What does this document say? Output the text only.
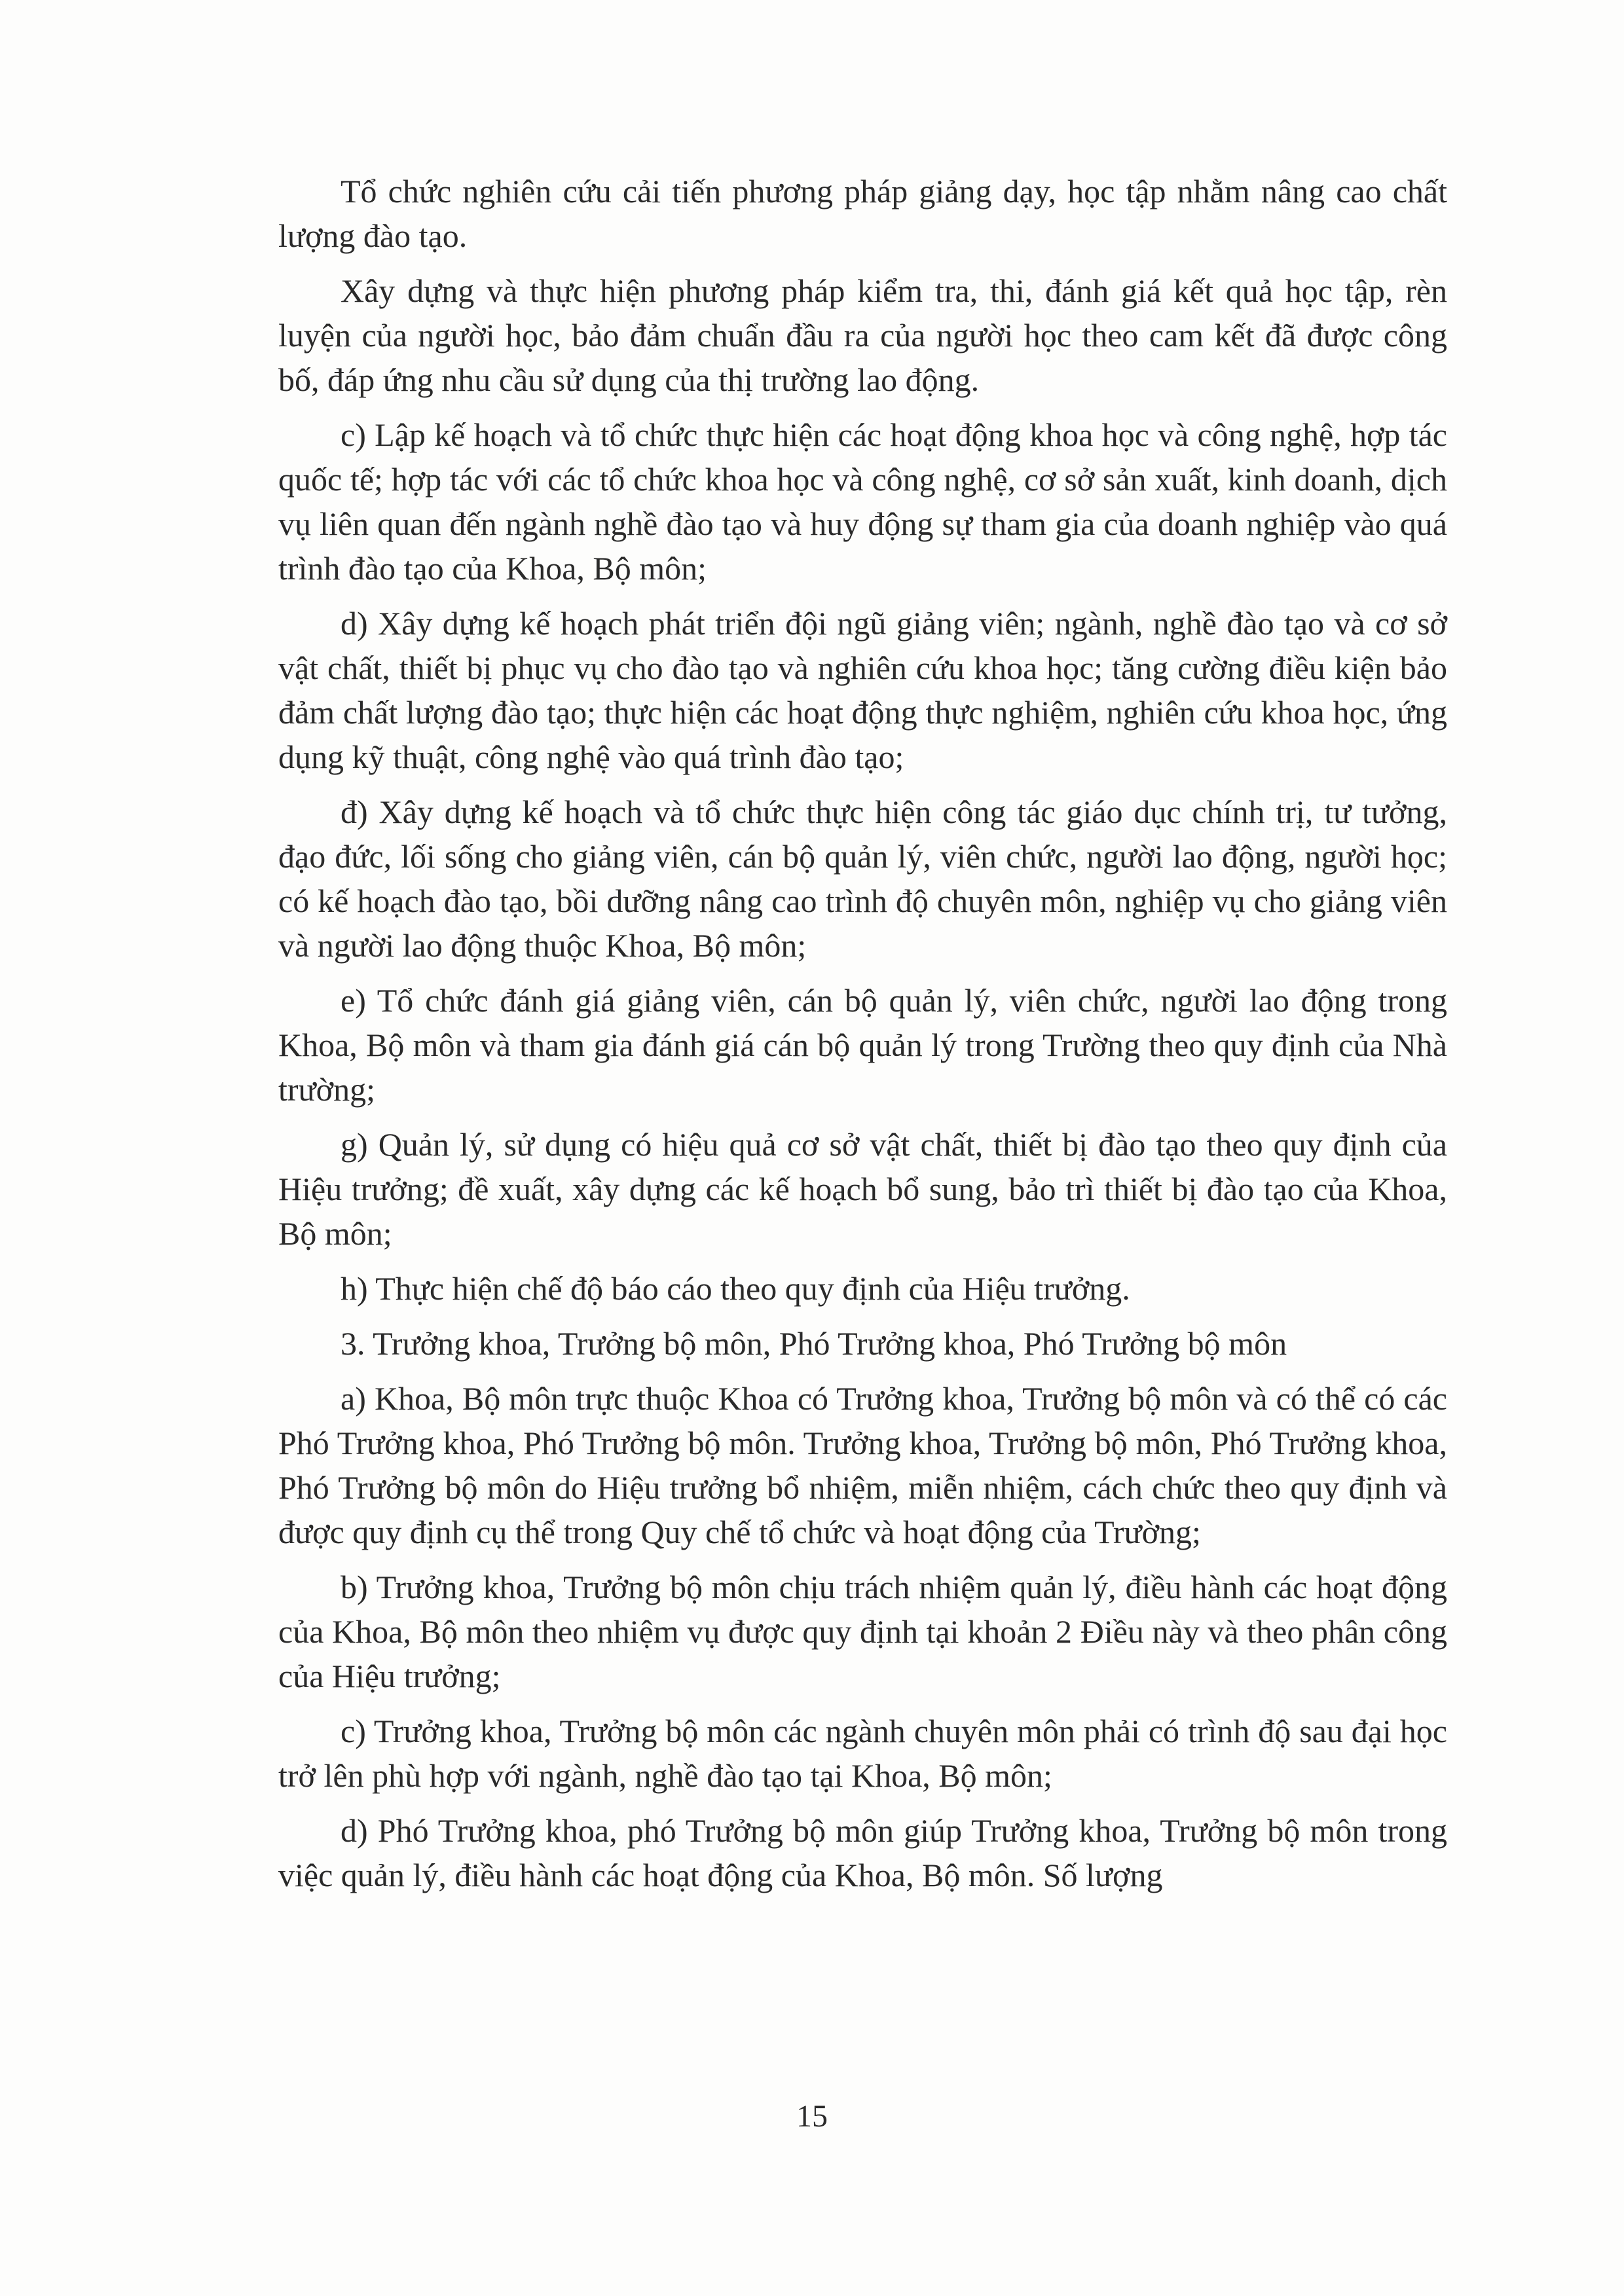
Tổ chức nghiên cứu cải tiến phương pháp giảng dạy, học tập nhằm nâng cao chất lượng đào tạo.

Xây dựng và thực hiện phương pháp kiểm tra, thi, đánh giá kết quả học tập, rèn luyện của người học, bảo đảm chuẩn đầu ra của người học theo cam kết đã được công bố, đáp ứng nhu cầu sử dụng của thị trường lao động.

c) Lập kế hoạch và tổ chức thực hiện các hoạt động khoa học và công nghệ, hợp tác quốc tế; hợp tác với các tổ chức khoa học và công nghệ, cơ sở sản xuất, kinh doanh, dịch vụ liên quan đến ngành nghề đào tạo và huy động sự tham gia của doanh nghiệp vào quá trình đào tạo của Khoa, Bộ môn;

d) Xây dựng kế hoạch phát triển đội ngũ giảng viên; ngành, nghề đào tạo và cơ sở vật chất, thiết bị phục vụ cho đào tạo và nghiên cứu khoa học; tăng cường điều kiện bảo đảm chất lượng đào tạo; thực hiện các hoạt động thực nghiệm, nghiên cứu khoa học, ứng dụng kỹ thuật, công nghệ vào quá trình đào tạo;

đ) Xây dựng kế hoạch và tổ chức thực hiện công tác giáo dục chính trị, tư tưởng, đạo đức, lối sống cho giảng viên, cán bộ quản lý, viên chức, người lao động, người học; có kế hoạch đào tạo, bồi dưỡng nâng cao trình độ chuyên môn, nghiệp vụ cho giảng viên và người lao động thuộc Khoa, Bộ môn;

e) Tổ chức đánh giá giảng viên, cán bộ quản lý, viên chức, người lao động trong Khoa, Bộ môn và tham gia đánh giá cán bộ quản lý trong Trường theo quy định của Nhà trường;

g) Quản lý, sử dụng có hiệu quả cơ sở vật chất, thiết bị đào tạo theo quy định của Hiệu trưởng; đề xuất, xây dựng các kế hoạch bổ sung, bảo trì thiết bị đào tạo của Khoa, Bộ môn;

h) Thực hiện chế độ báo cáo theo quy định của Hiệu trưởng.

3. Trưởng khoa, Trưởng bộ môn, Phó Trưởng khoa, Phó Trưởng bộ môn

a) Khoa, Bộ môn trực thuộc Khoa có Trưởng khoa, Trưởng bộ môn và có thể có các Phó Trưởng khoa, Phó Trưởng bộ môn. Trưởng khoa, Trưởng bộ môn, Phó Trưởng khoa, Phó Trưởng bộ môn do Hiệu trưởng bổ nhiệm, miễn nhiệm, cách chức theo quy định và được quy định cụ thể trong Quy chế tổ chức và hoạt động của Trường;

b) Trưởng khoa, Trưởng bộ môn chịu trách nhiệm quản lý, điều hành các hoạt động của Khoa, Bộ môn theo nhiệm vụ được quy định tại khoản 2 Điều này và theo phân công của Hiệu trưởng;

c) Trưởng khoa, Trưởng bộ môn các ngành chuyên môn phải có trình độ sau đại học trở lên phù hợp với ngành, nghề đào tạo tại Khoa, Bộ môn;

d) Phó Trưởng khoa, phó Trưởng bộ môn giúp Trưởng khoa, Trưởng bộ môn trong việc quản lý, điều hành các hoạt động của Khoa, Bộ môn. Số lượng

15
